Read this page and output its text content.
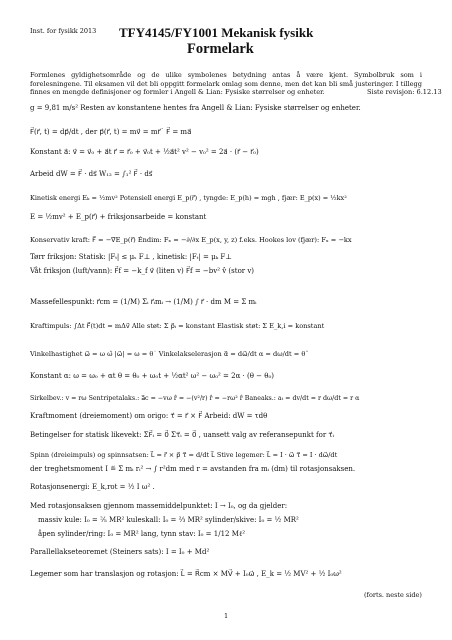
Inst. for fysikk 2013 TFY4145/FY1001 Mekanisk fysikk
Formelark
Formlenes gyldighetsområde og de ulike symbolenes betydning antas å være kjent. Symbolbruk som i forelesningene. Til eksamen vil det bli oppgitt formelark omlag som denne, men det kan bli små justeringer. I tillegg finnes en mengde definisjoner og formler i Angell & Lian: Fysiske størrelser og enheter.	Siste revisjon: 6.12.13
g = 9,81 m/s² Resten av konstantene hentes fra Angell & Lian: Fysiske størrelser og enheter.
F⃗(r⃗, t) = dp⃗/dt , der p⃗(r⃗, t) = mv⃗ = mr⃗˙ F⃗ = ma⃗
Konstant a⃗: v⃗ = v⃗₀ + a⃗t r⃗ = r⃗₀ + v⃗₀t + ½a⃗t² v² − v₀² = 2a⃗ · (r⃗ − r⃗₀)
Arbeid dW = F⃗ · ds⃗ W₁₂ = ∫₁² F⃗ · ds⃗
Kinetisk energi Eₖ = ½mv² Potensiell energi E_p(r⃗) , tyngde: E_p(h) = mgh , fjær: E_p(x) = ½kx²
E = ½mv² + E_p(r⃗) + friksjonsarbeide = konstant
Konservativ kraft: F⃗ = −∇⃗E_p(r⃗) Éndim: Fₓ = −∂/∂x E_p(x, y, z) f.eks. Hookes lov (fjær): Fₓ = −kx
Tørr friksjon: Statisk: |Fₜ| ≤ μₛ F⊥ , kinetisk: |Fₜ| = μₖ F⊥
Våt friksjon (luft/vann): F⃗f = −k_f v⃗ (liten v) F⃗f = −bv² v̂ (stor v)
Massefellespunkt: r⃗cm = (1/M) Σᵢ r⃗ᵢmᵢ → (1/M) ∫ r⃗ · dm M = Σ mᵢ
Kraftimpuls: ∫Δt F⃗(t)dt = mΔv⃗ Alle støt: Σ p⃗ᵢ = konstant Elastisk støt: Σ E_k,i = konstant
Vinkelhastighet ω⃗ = ω ω̂ |ω⃗| = ω = θ˙ Vinkelakselerasjon α⃗ = dω⃗/dt α = dω/dt = θ¨
Konstant α: ω = ω₀ + αt θ = θ₀ + ω₀t + ½αt² ω² − ω₀² = 2α · (θ − θ₀)
Sirkelbev.: v = rω Sentripetalaks.: a⃗c = −vω r̂ = −(v²/r) r̂ = −rω² r̂ Baneaks.: aₜ = dv/dt = r dω/dt = r α
Kraftmoment (dreiemoment) om origo: τ⃗ = r⃗ × F⃗ Arbeid: dW = τdθ
Betingelser for statisk likevekt: ΣF⃗ᵢ = 0⃗ Στ⃗ᵢ = 0⃗ , uansett valg av referansepunkt for τ⃗ᵢ
Spinn (dreieimpuls) og spinnsatsen: L⃗ = r⃗ × p⃗ τ⃗ = d/dt L⃗ Stive legemer: L⃗ = I · ω⃗ τ⃗ = I · dω⃗/dt
der treghetsmoment I ≝ Σ mᵢ rᵢ² → ∫ r²dm med r = avstanden fra mᵢ (dm) til rotasjonsaksen.
Rotasjonsenergi: E_k,rot = ½ I ω² .
Med rotasjonsaksen gjennom massemiddelpunktet: I → I₀, og da gjelder:
massiv kule: I₀ = ⅖ MR² kuleskall: I₀ = ⅔ MR² sylinder/skive: I₀ = ½ MR²
åpen sylinder/ring: I₀ = MR² lang, tynn stav: I₀ = 1/12 Mℓ²
Parallellakseteoremet (Steiners sats): I = I₀ + Md²
Legemer som har translasjon og rotasjon: L⃗ = R⃗cm × MV⃗ + I₀ω⃗ , E_k = ½ MV² + ½ I₀ω²
(forts. neste side)
1
